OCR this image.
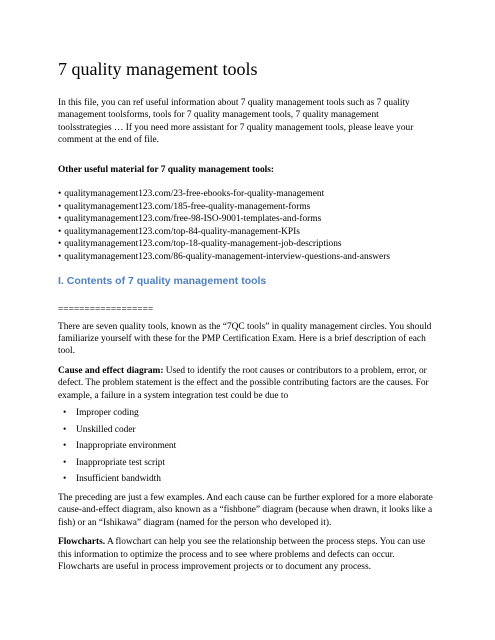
7 quality management tools

In this file, you can ref useful information about 7 quality management tools such as 7 quality management toolsforms, tools for 7 quality management tools, 7 quality management toolsstrategies … If you need more assistant for 7 quality management tools, please leave your comment at the end of file.

Other useful material for 7 quality management tools:

• qualitymanagement123.com/23-free-ebooks-for-quality-management
• qualitymanagement123.com/185-free-quality-management-forms
• qualitymanagement123.com/free-98-ISO-9001-templates-and-forms
• qualitymanagement123.com/top-84-quality-management-KPIs
• qualitymanagement123.com/top-18-quality-management-job-descriptions
• qualitymanagement123.com/86-quality-management-interview-questions-and-answers
I. Contents of 7 quality management tools
==================

There are seven quality tools, known as the “7QC tools” in quality management circles. You should familiarize yourself with these for the PMP Certification Exam. Here is a brief description of each tool.

Cause and effect diagram: Used to identify the root causes or contributors to a problem, error, or defect. The problem statement is the effect and the possible contributing factors are the causes. For example, a failure in a system integration test could be due to

• Improper coding
• Unskilled coder
• Inappropriate environment
• Inappropriate test script
• Insufficient bandwidth

The preceding are just a few examples. And each cause can be further explored for a more elaborate cause-and-effect diagram, also known as a “fishbone” diagram (because when drawn, it looks like a fish) or an “Ishikawa” diagram (named for the person who developed it).

Flowcharts. A flowchart can help you see the relationship between the process steps. You can use this information to optimize the process and to see where problems and defects can occur. Flowcharts are useful in process improvement projects or to document any process.
